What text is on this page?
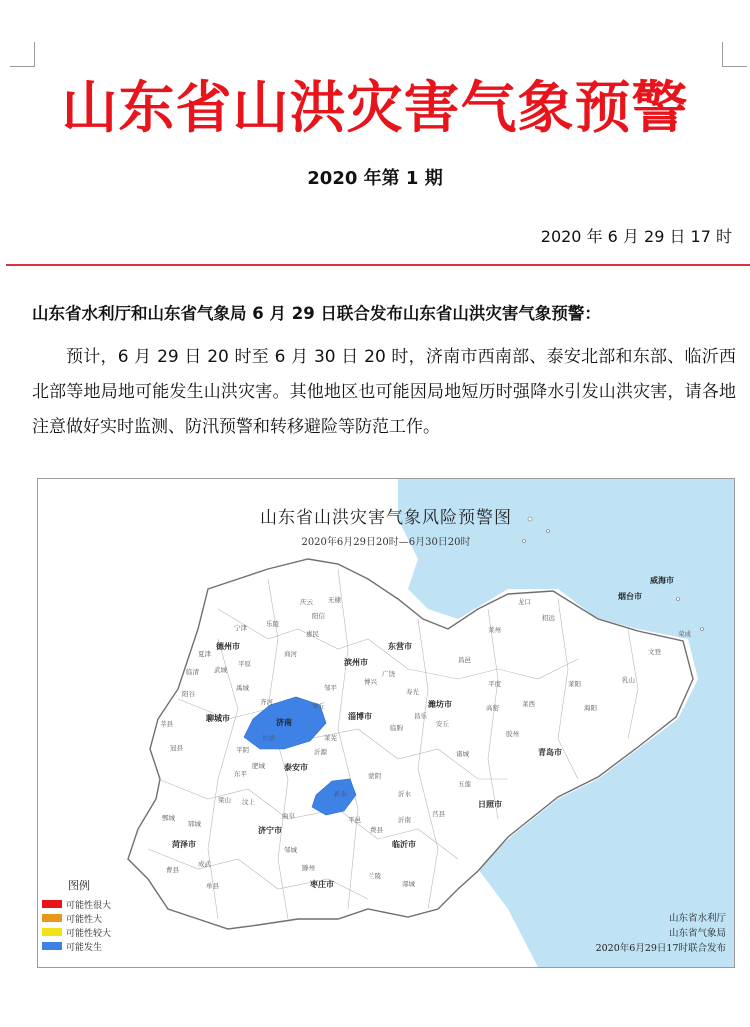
山东省山洪灾害气象预警
2020 年第 1 期
2020 年 6 月 29 日 17 时
山东省水利厅和山东省气象局 6 月 29 日联合发布山东省山洪灾害气象预警：
预计，6 月 29 日 20 时至 6 月 30 日 20 时，济南市西南部、泰安北部和东部、临沂西北部等地局地可能发生山洪灾害。其他地区也可能因局地短历时强降水引发山洪灾害，请各地注意做好实时监测、防汛预警和转移避险等防范工作。
山东省山洪灾害气象风险预警图
2020年6月29日20时—6月30日20时
济南
泰安市
淄博市
潍坊市
德州市
聊城市
滨州市
东营市
烟台市
威海市
青岛市
日照市
临沂市
济宁市
菏泽市
枣庄市
沂源
莱芜
蒙阴
新泰
平邑
费县
沂水
莒县
五莲
沂南
曲阜
邹城
滕州
兰陵
郯城
单县
曹县
成武
鄄城
郓城
梁山 汶上
东平
肥城
平阴
长清
章丘
邹平
博兴
广饶
寿光
昌乐
临朐	安丘
诸城
胶州
平度
莱西
莱阳
海阳
乳山
文登
荣成
龙口
招远
莱州
昌邑
高密
阳谷
莘县
冠县
临清
夏津
武城
平原
禹城
齐河
商河
惠民
阳信
无棣
庆云
乐陵
宁津
图例
可能性很大
可能性大
可能性较大
可能发生
山东省水利厅
山东省气象局
2020年6月29日17时联合发布
